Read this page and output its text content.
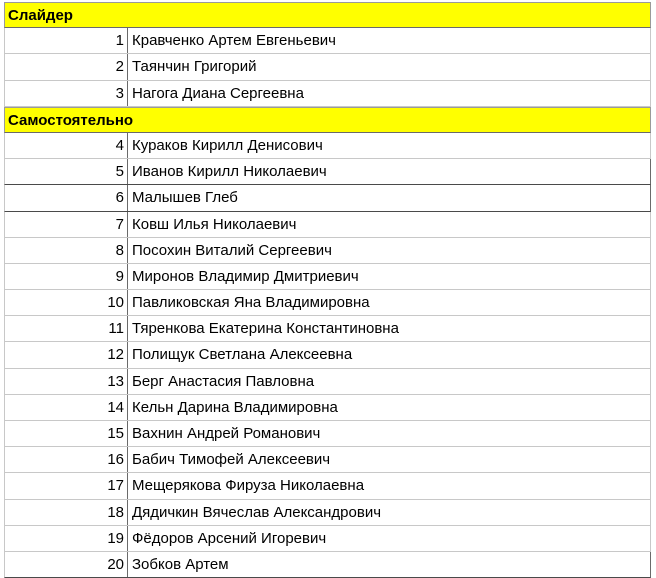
Слайдер
1 Кравченко Артем Евгеньевич
2 Таянчин Григорий
3 Нагога Диана Сергеевна
Самостоятельно
4 Кураков Кирилл Денисович
5 Иванов Кирилл Николаевич
6 Малышев Глеб
7 Ковш Илья Николаевич
8 Посохин Виталий Сергеевич
9 Миронов Владимир Дмитриевич
10 Павликовская Яна Владимировна
11 Тяренкова Екатерина Константиновна
12 Полищук Светлана Алексеевна
13 Берг Анастасия Павловна
14 Кельн Дарина Владимировна
15 Вахнин Андрей Романович
16 Бабич Тимофей Алексеевич
17 Мещерякова Фируза Николаевна
18 Дядичкин Вячеслав Александрович
19 Фёдоров Арсений Игоревич
20 Зобков Артем
